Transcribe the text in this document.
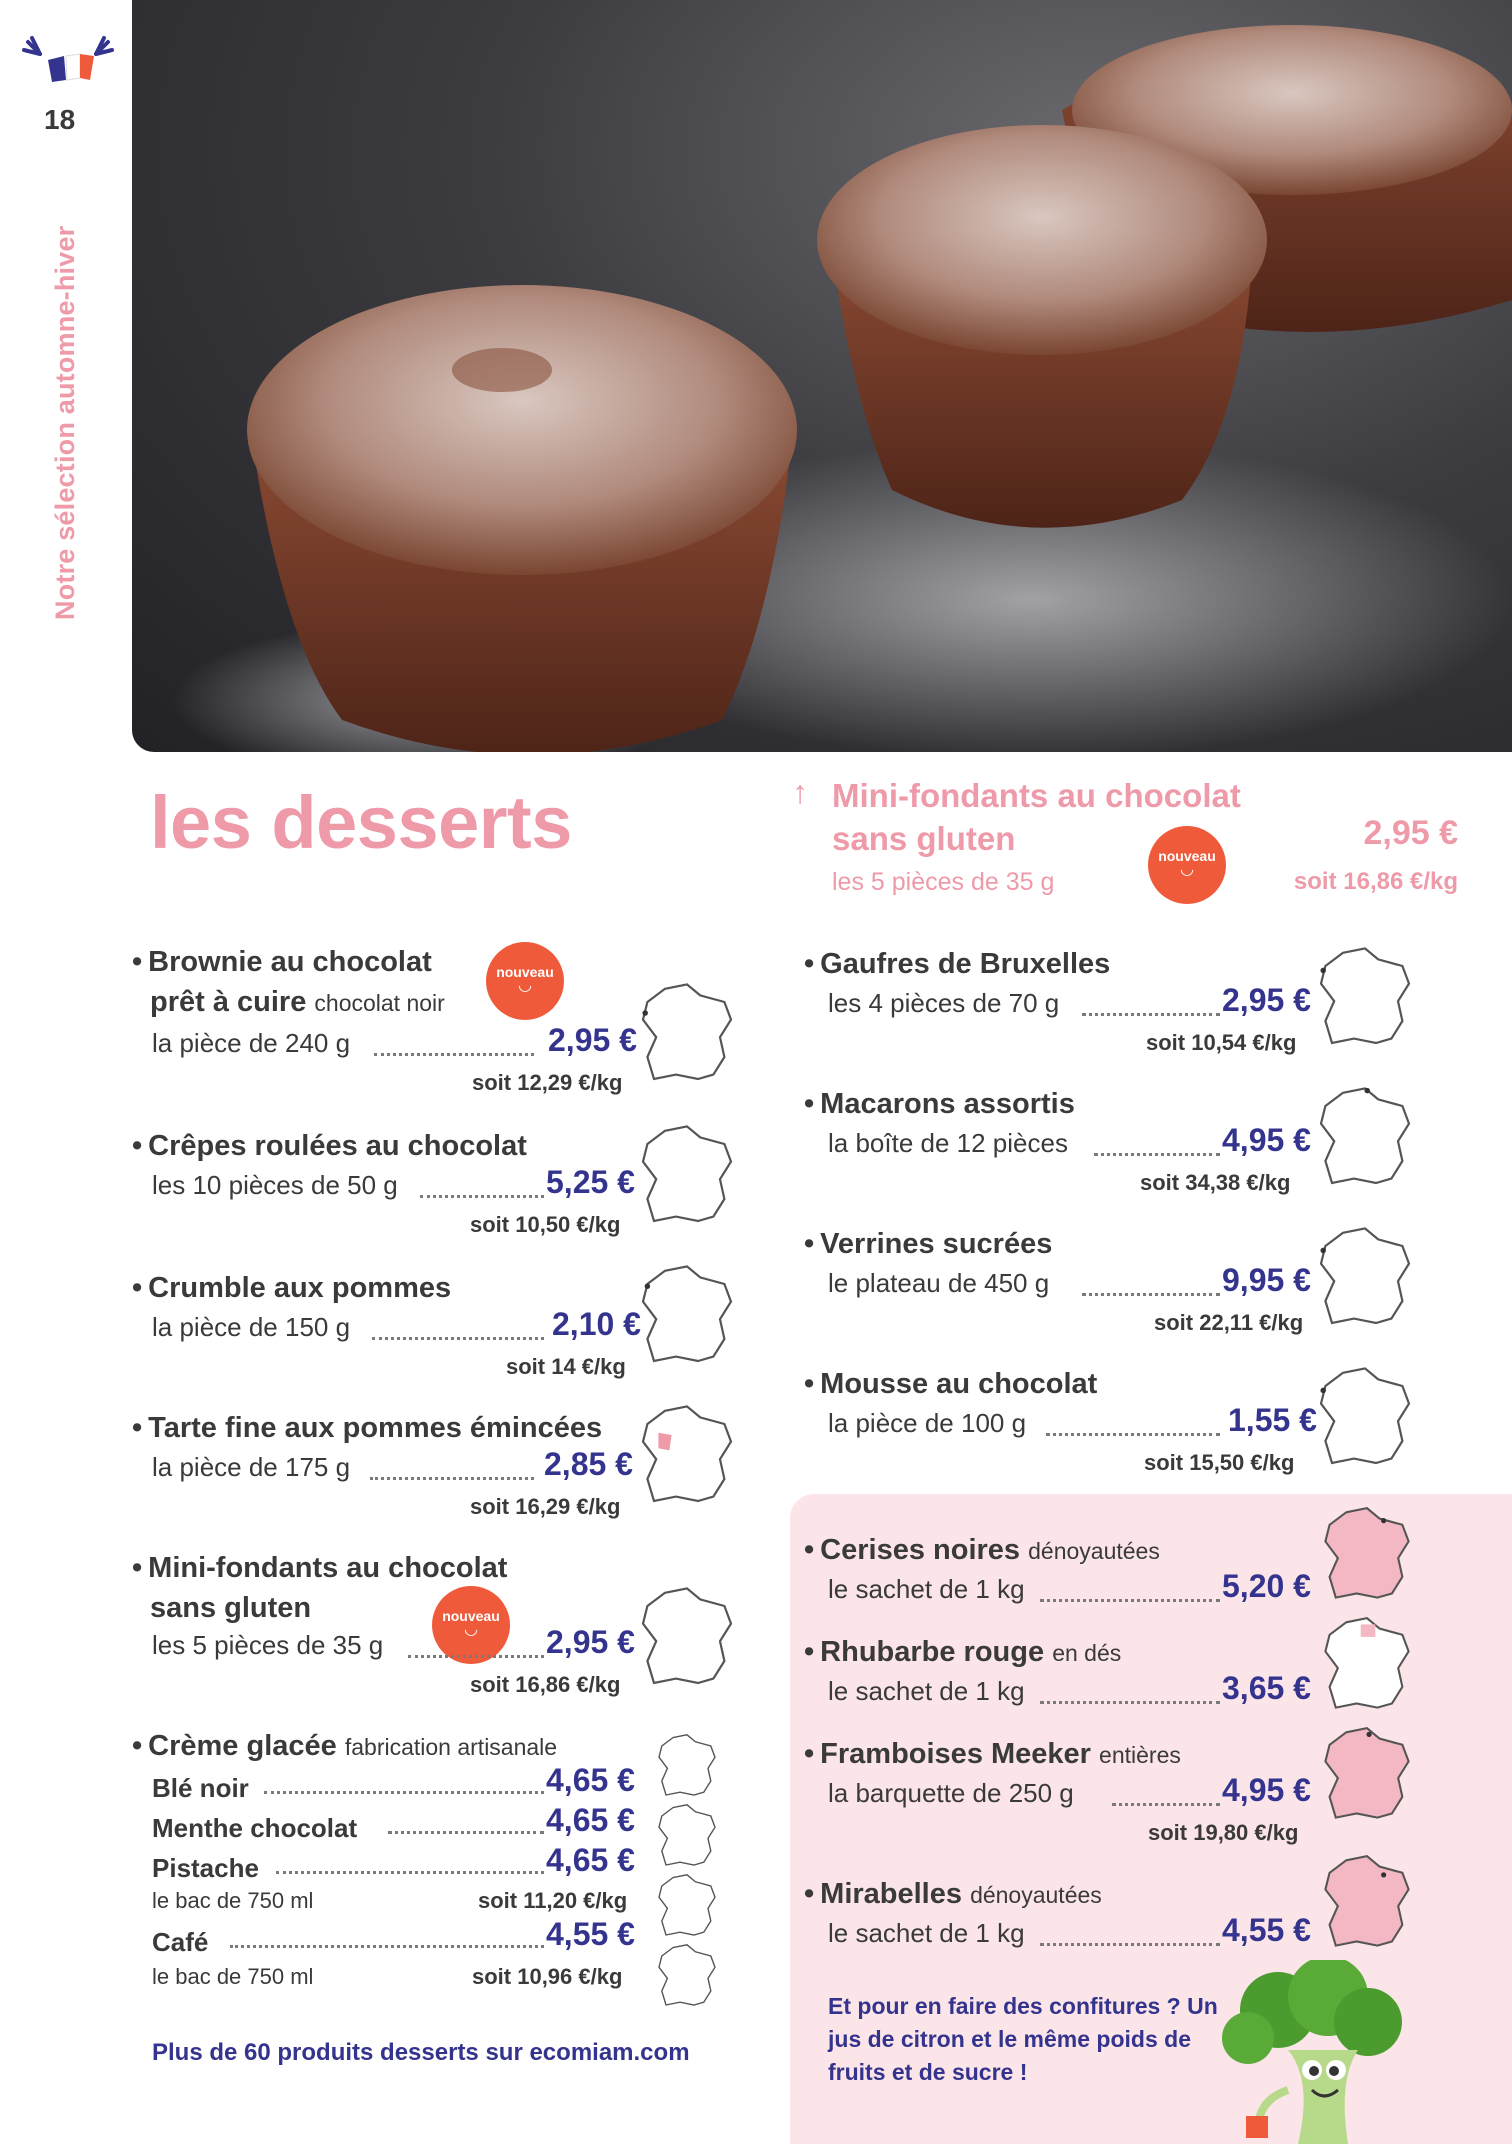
18
Notre sélection automne-hiver
les desserts	↑ Mini-fondants au chocolat sans gluten
les 5 pièces de 35 g
nouveau
◡
2,95 €
soit 16,86 €/kg
• Brownie au chocolat
prêt à cuire chocolat noir
nouveau
◡
la pièce de 240 g	2,95 €
soit 12,29 €/kg
• Crêpes roulées au chocolat
les 10 pièces de 50 g	5,25 €
soit 10,50 €/kg
• Crumble aux pommes
la pièce de 150 g	2,10 €
soit 14 €/kg
• Tarte fine aux pommes émincées
la pièce de 175 g	2,85 €
soit 16,29 €/kg
• Mini-fondants au chocolat
sans gluten	nouveau
◡
les 5 pièces de 35 g	2,95 €
soit 16,86 €/kg
• Crème glacée fabrication artisanale
Blé noir	4,65 €
Menthe chocolat	4,65 €
Pistache	4,65 €
le bac de 750 ml	soit 11,20 €/kg
Café	4,55 €
le bac de 750 ml	soit 10,96 €/kg
Plus de 60 produits desserts sur ecomiam.com
• Gaufres de Bruxelles
les 4 pièces de 70 g	2,95 €
soit 10,54 €/kg
• Macarons assortis
la boîte de 12 pièces	4,95 €
soit 34,38 €/kg
• Verrines sucrées
le plateau de 450 g	9,95 €
soit 22,11 €/kg
• Mousse au chocolat
la pièce de 100 g	1,55 €
soit 15,50 €/kg
• Cerises noires dénoyautées
le sachet de 1 kg	5,20 €
• Rhubarbe rouge en dés
le sachet de 1 kg	3,65 €
• Framboises Meeker entières
la barquette de 250 g	4,95 €
soit 19,80 €/kg
• Mirabelles dénoyautées
le sachet de 1 kg	4,55 €
Et pour en faire des confitures ? Un jus de citron et le même poids de fruits et de sucre !
